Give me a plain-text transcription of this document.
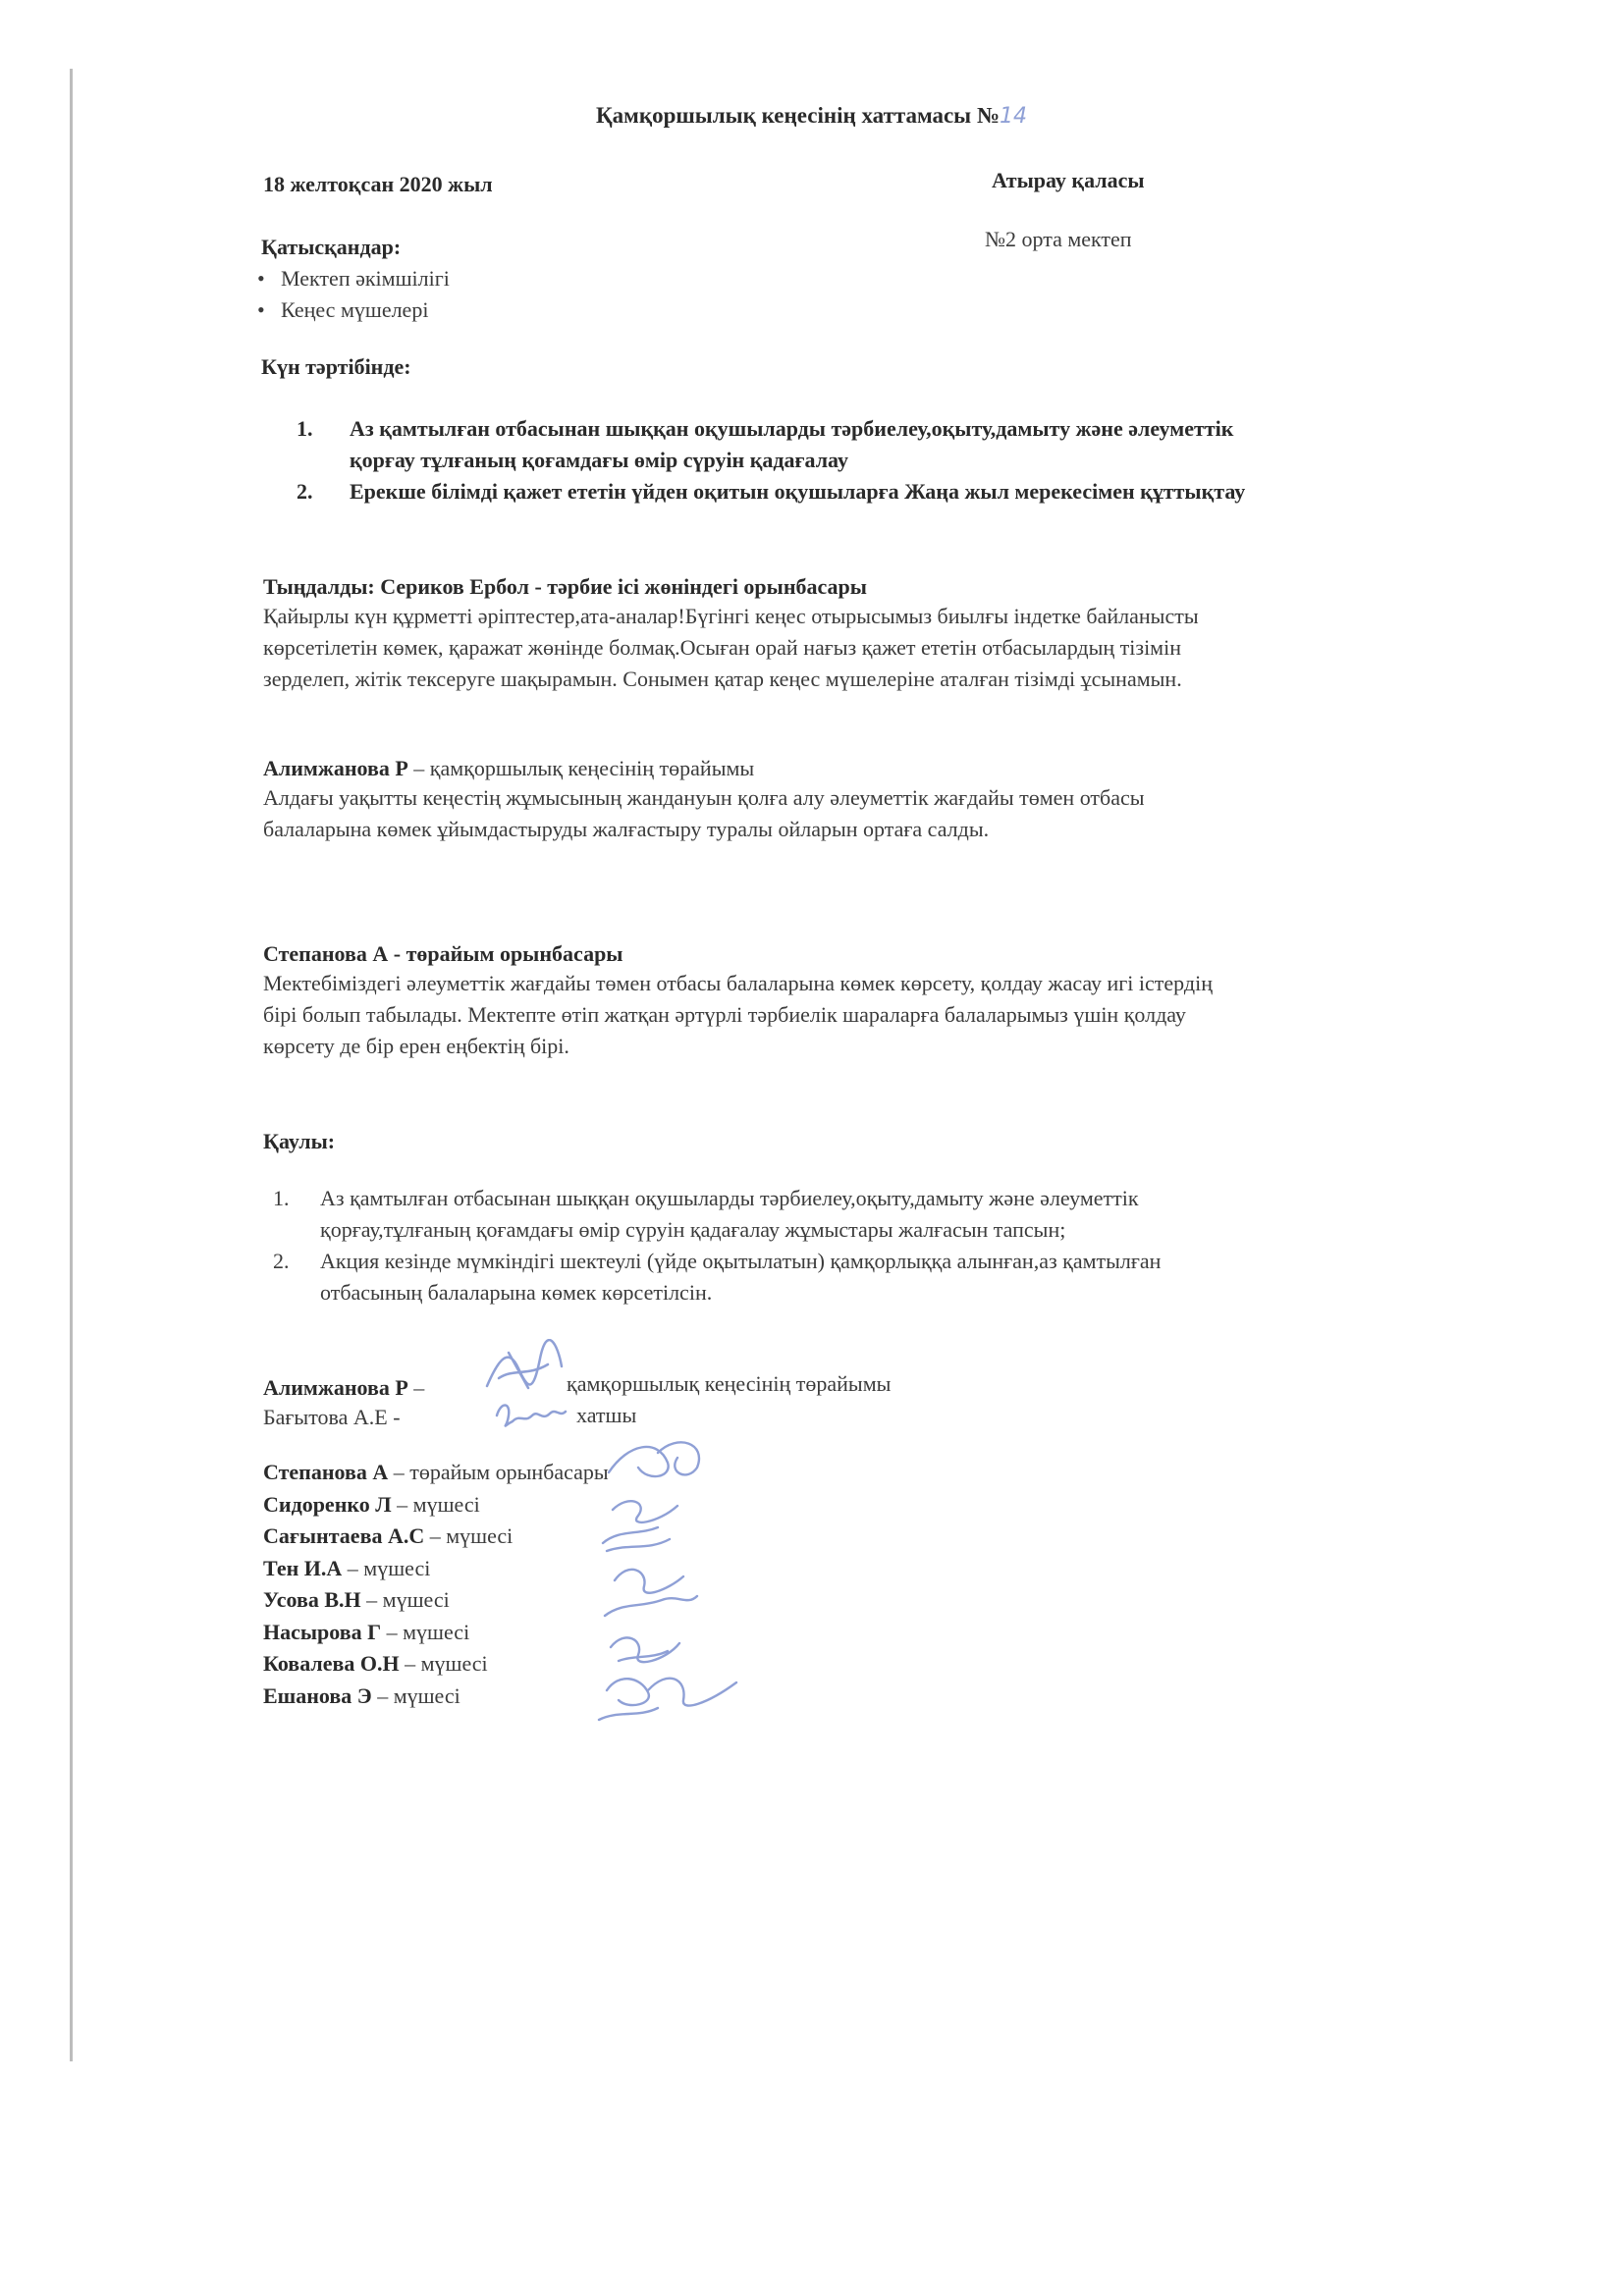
Қамқоршылық кеңесінің хаттамасы №14
18 желтоқсан 2020 жыл	Атырау қаласы
№2 орта мектеп
Қатысқандар:
• Мектеп әкімшілігі
• Кеңес мүшелері
Күн тәртібінде:
1. Аз қамтылған отбасынан шыққан оқушыларды тәрбиелеу,оқыту,дамыту және әлеуметтік
қорғау тұлғаның қоғамдағы өмір сүруін қадағалау
2. Ерекше білімді қажет ететін үйден оқитын оқушыларға Жаңа жыл мерекесімен құттықтау
Тыңдалды: Сериков Ербол - тәрбие ісі жөніндегі орынбасары
Қайырлы күн құрметті әріптестер,ата-аналар!Бүгінгі кеңес отырысымыз биылғы індетке байланысты
көрсетілетін көмек, қаражат жөнінде болмақ.Осыған орай нағыз қажет ететін отбасылардың тізімін
зерделеп, жітік тексеруге шақырамын. Сонымен қатар кеңес мүшелеріне аталған тізімді ұсынамын.
Алимжанова Р – қамқоршылық кеңесінің төрайымы
Алдағы уақытты кеңестің жұмысының жандануын қолға алу әлеуметтік жағдайы төмен отбасы
балаларына көмек ұйымдастыруды жалғастыру туралы ойларын ортаға салды.
Степанова А - төрайым орынбасары
Мектебіміздегі әлеуметтік жағдайы төмен отбасы балаларына көмек көрсету, қолдау жасау игі істердің
бірі болып табылады. Мектепте өтіп жатқан әртүрлі тәрбиелік шараларға балаларымыз үшін қолдау
көрсету де бір ерен еңбектің бірі.
Қаулы:
1. Аз қамтылған отбасынан шыққан оқушыларды тәрбиелеу,оқыту,дамыту және әлеуметтік
қорғау,тұлғаның қоғамдағы өмір сүруін қадағалау жұмыстары жалғасын тапсын;
2. Акция кезінде мүмкіндігі шектеулі (үйде оқытылатын) қамқорлыққа алынған,аз қамтылған
отбасының балаларына көмек көрсетілсін.
Алимжанова Р –	қамқоршылық кеңесінің төрайымы
Бағытова А.Е -	хатшы
Степанова А – төрайым орынбасары
Сидоренко Л – мүшесі
Сағынтаева А.С – мүшесі
Тен И.А – мүшесі
Усова В.Н – мүшесі
Насырова Г – мүшесі
Ковалева О.Н – мүшесі
Ешанова Э – мүшесі
